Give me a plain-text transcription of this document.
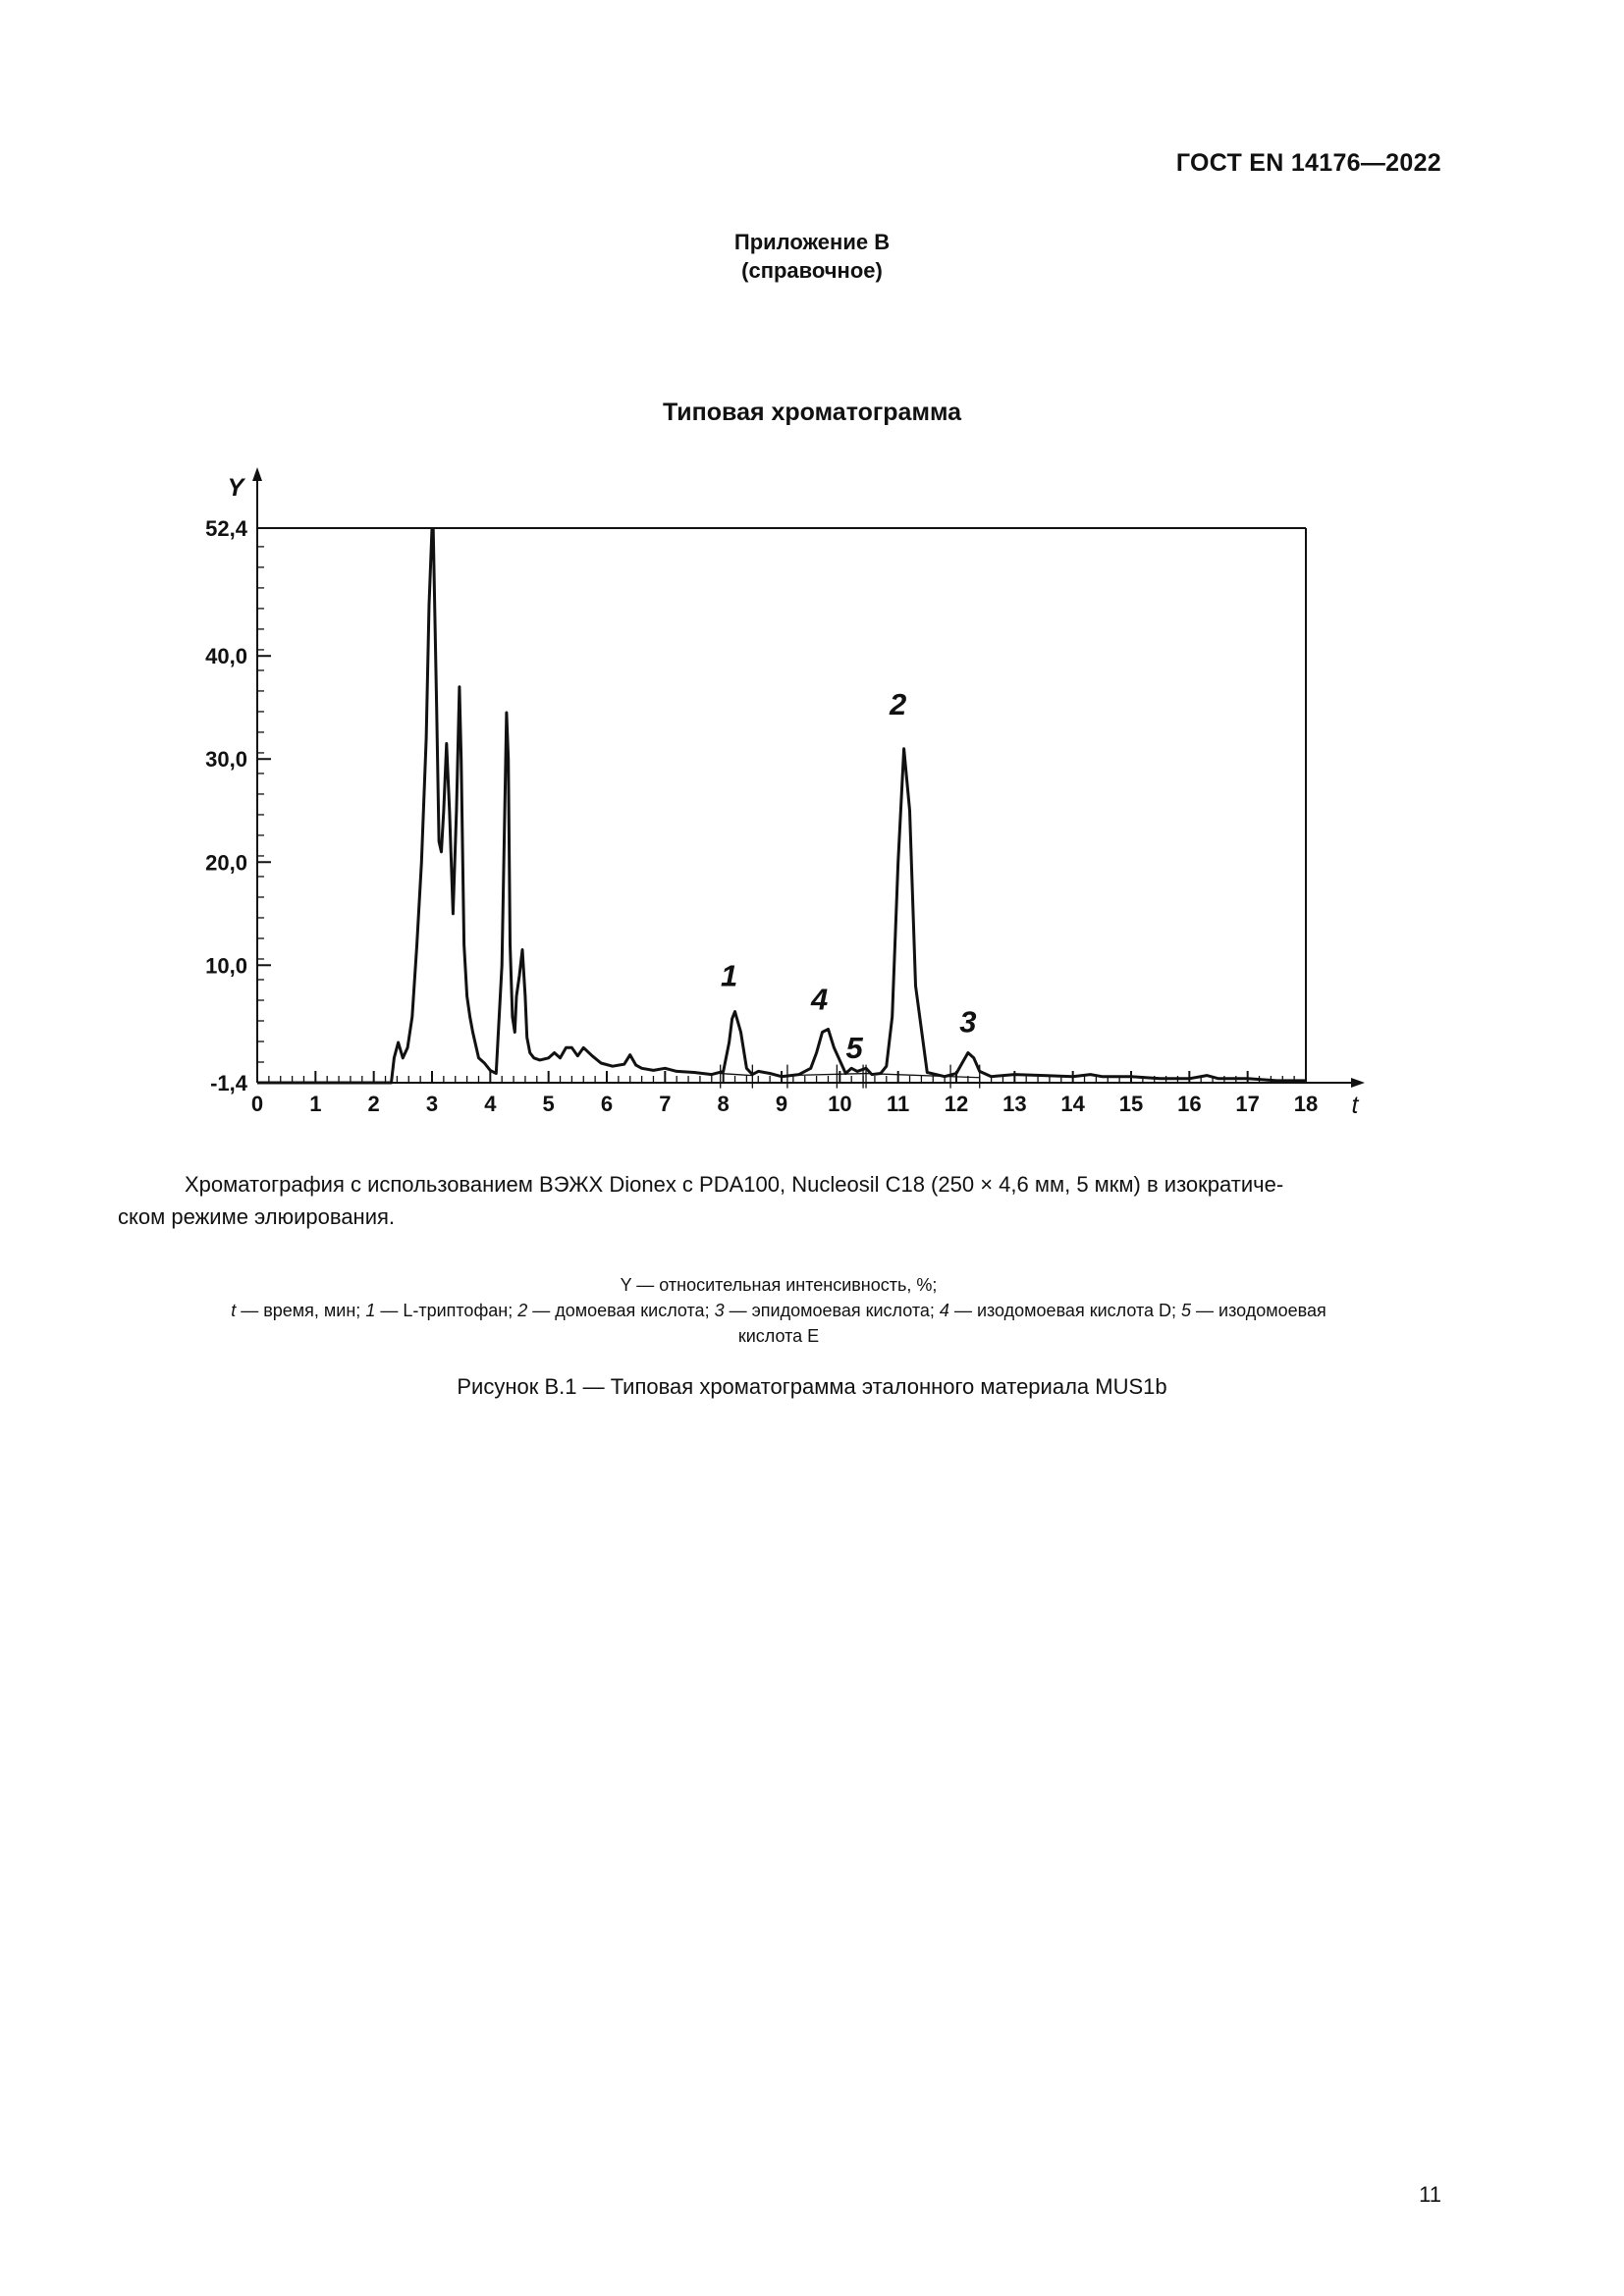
ГОСТ EN 14176—2022
Приложение В
(справочное)
Типовая хроматограмма
0 1 2 3 4 5 6 7 8 9 10 11 12 13 14 15 16 17 18
-1,4
10,0
20,0
30,0
40,0
52,4
Y
t
1
4
5
2
3
Хроматография с использованием ВЭЖХ Dionex с PDA100, Nucleosil C18 (250 × 4,6 мм, 5 мкм) в изократиче-
ском режиме элюирования.
Y — относительная интенсивность, %;
t — время, мин; 1 — L-триптофан; 2 — домоевая кислота; 3 — эпидомоевая кислота; 4 — изодомоевая кислота D; 5 — изодомоевая
кислота Е
Рисунок В.1 — Типовая хроматограмма эталонного материала MUS1b
11
